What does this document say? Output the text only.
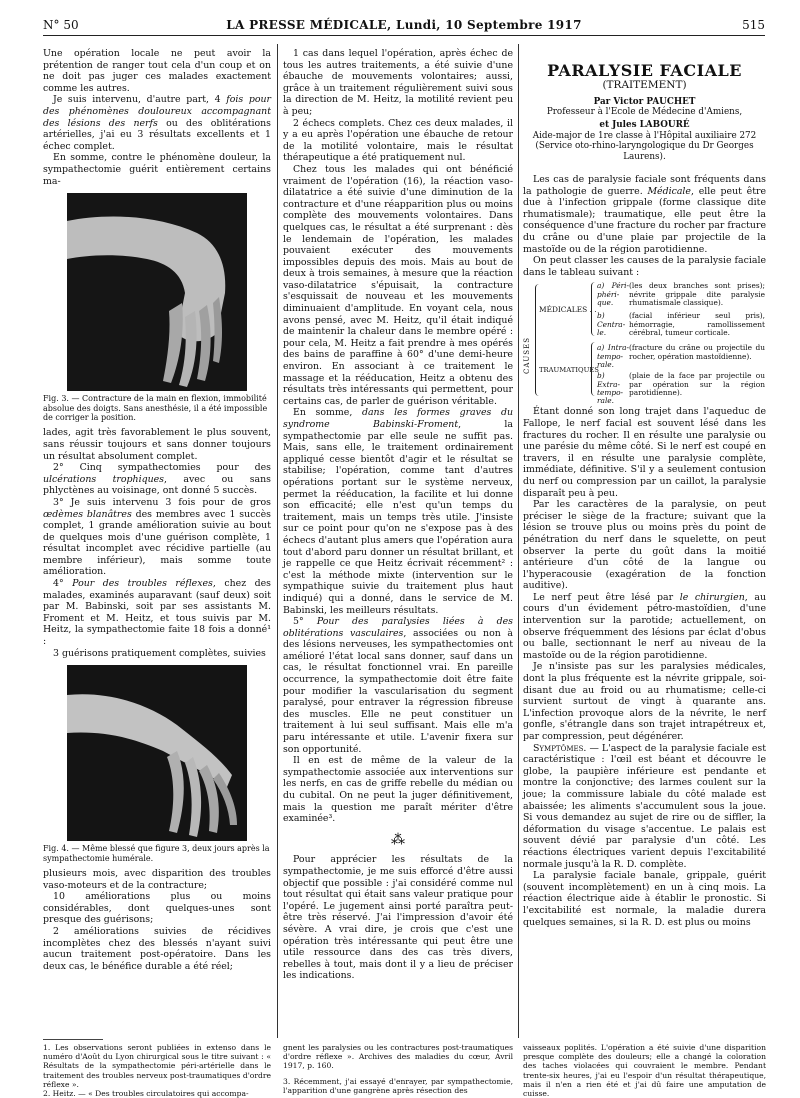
N° 50	LA PRESSE MÉDICALE, Lundi, 10 Septembre 1917	515

Une opération locale ne peut avoir la prétention de ranger tout cela d'un coup et on ne doit pas juger ces malades exactement comme les autres.

Je suis intervenu, d'autre part, 4 fois pour des phénomènes douloureux accompagnant des lésions des nerfs ou des oblitérations artérielles, j'ai eu 3 résultats excellents et 1 échec complet.

En somme, contre le phénomène douleur, la sympathectomie guérit entièrement certains ma-

Fig. 3. — Contracture de la main en flexion, immobilité absolue des doigts. Sans anesthésie, il a été impossible de corriger la position.

lades, agit très favorablement le plus souvent, sans réussir toujours et sans donner toujours un résultat absolument complet.

2° Cinq sympathectomies pour des ulcérations trophiques, avec ou sans phlyctènes au voisinage, ont donné 5 succès.

3° Je suis intervenu 3 fois pour de gros œdèmes blanâtres des membres avec 1 succès complet, 1 grande amélioration suivie au bout de quelques mois d'une guérison complète, 1 résultat incomplet avec récidive partielle (au membre inférieur), mais somme toute amélioration.

4° Pour des troubles réflexes, chez des malades, examinés auparavant (sauf deux) soit par M. Babinski, soit par ses assistants M. Froment et M. Heitz, et tous suivis par M. Heitz, la sympathectomie faite 18 fois a donné¹ :

3 guérisons pratiquement complètes, suivies

Fig. 4. — Même blessé que figure 3, deux jours après la sympathectomie humérale.

plusieurs mois, avec disparition des troubles vaso-moteurs et de la contracture;

10 améliorations plus ou moins considérables, dont quelques-unes sont presque des guérisons;

2 améliorations suivies de récidives incomplètes chez des blessés n'ayant suivi aucun traitement post-opératoire. Dans les deux cas, le bénéfice durable a été réel;

1 cas dans lequel l'opération, après échec de tous les autres traitements, a été suivie d'une ébauche de mouvements volontaires; aussi, grâce à un traitement régulièrement suivi sous la direction de M. Heitz, la motilité revient peu à peu;

2 échecs complets. Chez ces deux malades, il y a eu après l'opération une ébauche de retour de la motilité volontaire, mais le résultat thérapeutique a été pratiquement nul.

Chez tous les malades qui ont bénéficié vraiment de l'opération (16), la réaction vaso-dilatatrice a été suivie d'une diminution de la contracture et d'une réapparition plus ou moins complète des mouvements volontaires. Dans quelques cas, le résultat a été surprenant : dès le lendemain de l'opération, les malades pouvaient exécuter des mouvements impossibles depuis des mois. Mais au bout de deux à trois semaines, à mesure que la réaction vaso-dilatatrice s'épuisait, la contracture s'esquissait de nouveau et les mouvements diminuaient d'amplitude. En voyant cela, nous avons pensé, avec M. Heitz, qu'il était indiqué de maintenir la chaleur dans le membre opéré : pour cela, M. Heitz a fait prendre à mes opérés des bains de paraffine à 60° d'une demi-heure environ. En associant à ce traitement le massage et la rééducation, Heitz a obtenu des résultats très intéressants qui permettent, pour certains cas, de parler de guérison véritable.

En somme, dans les formes graves du syndrome Babinski-Froment, la sympathectomie par elle seule ne suffit pas. Mais, sans elle, le traitement ordinairement appliqué cesse bientôt d'agir et le résultat se stabilise; l'opération, comme tant d'autres opérations portant sur le système nerveux, permet la rééducation, la facilite et lui donne son efficacité; elle n'est qu'un temps du traitement, mais un temps très utile. J'insiste sur ce point pour qu'on ne s'expose pas à des échecs d'autant plus amers que l'opération aura tout d'abord paru donner un résultat brillant, et je rappelle ce que Heitz écrivait récemment² : c'est la méthode mixte (intervention sur le sympathique suivie du traitement plus haut indiqué) qui a donné, dans le service de M. Babinski, les meilleurs résultats.

5° Pour des paralysies liées à des oblitérations vasculaires, associées ou non à des lésions nerveuses, les sympathectomies ont amélioré l'état local sans donner, sauf dans un cas, le résultat fonctionnel vrai. En pareille occurrence, la sympathectomie doit être faite pour modifier la vascularisation du segment paralysé, pour entraver la régression fibreuse des muscles. Elle ne peut constituer un traitement à lui seul suffisant. Mais elle m'a paru intéressante et utile. L'avenir fixera sur son opportunité.

Il en est de même de la valeur de la sympathectomie associée aux interventions sur les nerfs, en cas de griffe rebelle du médian ou du cubital. On ne peut la juger définitivement, mais la question me paraît mériter d'être examinée³.

⁂

Pour apprécier les résultats de la sympathectomie, je me suis efforcé d'être aussi objectif que possible : j'ai considéré comme nul tout résultat qui était sans valeur pratique pour l'opéré. Le jugement ainsi porté paraîtra peut-être très réservé. J'ai l'impression d'avoir été sévère. A vrai dire, je crois que c'est une opération très intéressante qui peut être une utile ressource dans des cas très divers, rebelles à tout, mais dont il y a lieu de préciser les indications.

PARALYSIE FACIALE
(TRAITEMENT)
Par Victor PAUCHET
Professeur à l'Ecole de Médecine d'Amiens,
et Jules LABOURÉ
Aide-major de 1re classe à l'Hôpital auxiliaire 272 (Service oto-rhino-laryngologique du Dr Georges Laurens).

Les cas de paralysie faciale sont fréquents dans la pathologie de guerre. Médicale, elle peut être due à l'infection grippale (forme classique dite rhumatismale); traumatique, elle peut être la conséquence d'une fracture du rocher par fracture du crâne ou d'une plaie par projectile de la mastoïde ou de la région parotidienne.

On peut classer les causes de la paralysie faciale dans le tableau suivant :

CAUSES
MÉDICALES . .
TRAUMATIQUES
a) Péri- phéri- que.
(les deux branches sont prises); névrite grippale dite paralysie rhumatismale classique).
b) Centra- le.
(facial inférieur seul pris), hémorragie, ramollissement cérébral, tumeur corticale.
a) Intra- tempo- rale.
(fracture du crâne ou projectile du rocher, opération mastoïdienne).
b) Extra- tempo- rale.
(plaie de la face par projectile ou par opération sur la région parotidienne).

Étant donné son long trajet dans l'aqueduc de Fallope, le nerf facial est souvent lésé dans les fractures du rocher. Il en résulte une paralysie ou une parésie du même côté. Si le nerf est coupé en travers, il en résulte une paralysie complète, immédiate, définitive. S'il y a seulement contusion du nerf ou compression par un caillot, la paralysie disparaît peu à peu.

Par les caractères de la paralysie, on peut préciser le siège de la fracture; suivant que la lésion se trouve plus ou moins près du point de pénétration du nerf dans le squelette, on peut observer la perte du goût dans la moitié antérieure d'un côté de la langue ou l'hyperacousie (exagération de la fonction auditive).

Le nerf peut être lésé par le chirurgien, au cours d'un évidement pétro-mastoïdien, d'une intervention sur la parotide; actuellement, on observe fréquemment des lésions par éclat d'obus ou balle, sectionnant le nerf au niveau de la mastoïde ou de la région parotidienne.

Je n'insiste pas sur les paralysies médicales, dont la plus fréquente est la névrite grippale, soi-disant due au froid ou au rhumatisme; celle-ci survient surtout de vingt à quarante ans. L'infection provoque alors de la névrite, le nerf gonfle, s'étrangle dans son trajet intrapétreux et, par compression, peut dégénérer.

Symptômes. — L'aspect de la paralysie faciale est caractéristique : l'œil est béant et découvre le globe, la paupière inférieure est pendante et montre la conjonctive; des larmes coulent sur la joue; la commissure labiale du côté malade est abaissée; les aliments s'accumulent sous la joue. Si vous demandez au sujet de rire ou de siffler, la déformation du visage s'accentue. Le palais est souvent dévié par paralysie d'un côté. Les réactions électriques varient depuis l'excitabilité normale jusqu'à la R. D. complète.

La paralysie faciale banale, grippale, guérit (souvent incomplètement) en un à cinq mois. La réaction électrique aide à établir le pronostic. Si l'excitabilité est normale, la maladie durera quelques semaines, si la R. D. est plus ou moins

1. Les observations seront publiées in extenso dans le numéro d'Août du Lyon chirurgical sous le titre suivant : « Résultats de la sympathectomie péri-artérielle dans le traitement des troubles nerveux post-traumatiques d'ordre réflexe ».
2. Heitz. — « Des troubles circulatoires qui accompa-
gnent les paralysies ou les contractures post-traumatiques d'ordre réflexe ». Archives des maladies du cœur, Avril 1917, p. 160.
3. Récemment, j'ai essayé d'enrayer, par sympathectomie, l'apparition d'une gangrène après résection des
vaisseaux poplités. L'opération a été suivie d'une disparition presque complète des douleurs; elle a changé la coloration des taches violacées qui couvraient le membre. Pendant trente-six heures, j'ai eu l'espoir d'un résultat thérapeutique, mais il n'en a rien été et j'ai dû faire une amputation de cuisse.
